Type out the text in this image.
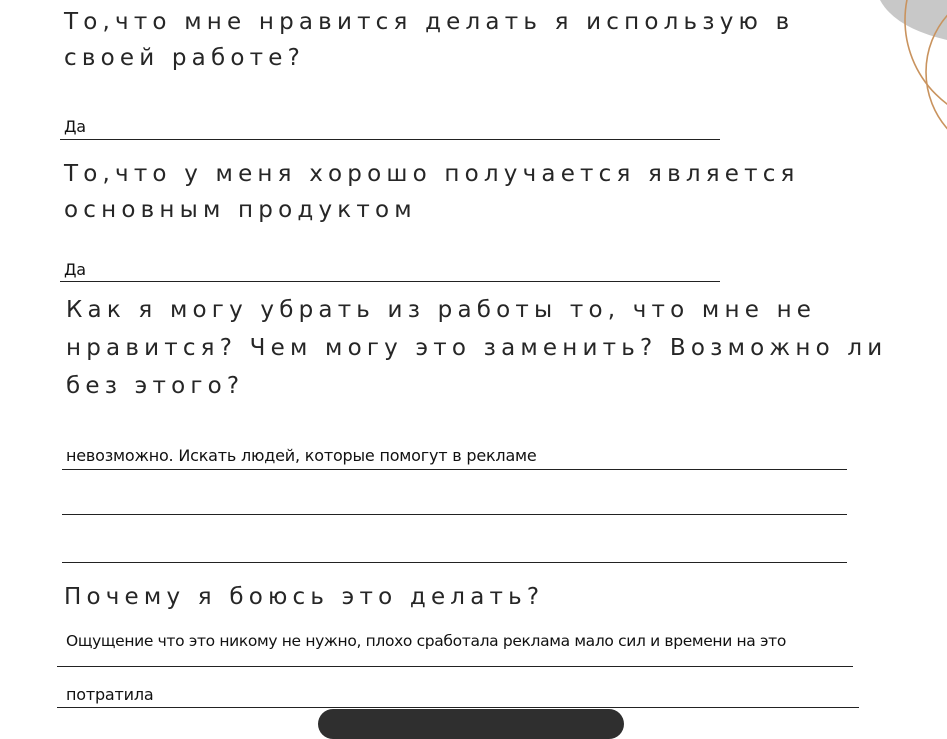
То,что мне нравится делать я использую в своей работе?
Да
То,что у меня хорошо получается является основным продуктом
Да
Как я могу убрать из работы то, что мне не нравится? Чем могу это заменить? Возможно ли без этого?
невозможно. Искать людей, которые помогут в рекламе
Почему я боюсь это делать?
Ощущение что это никому не нужно, плохо сработала реклама мало сил и времени на это
потратила
